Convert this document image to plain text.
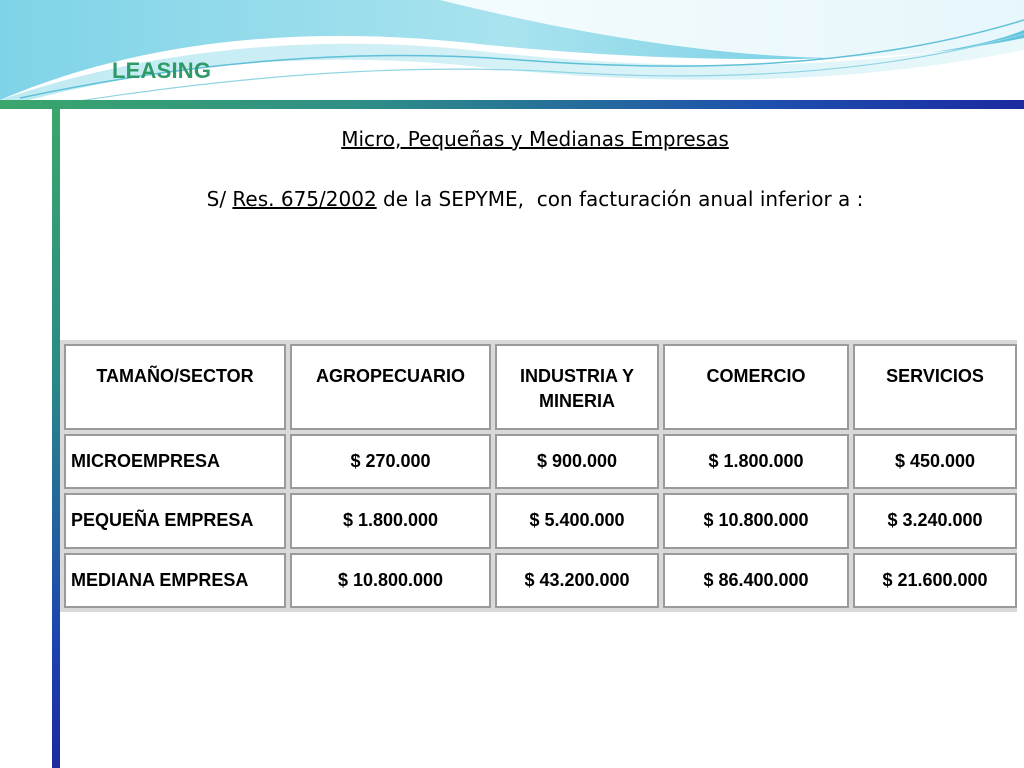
LEASING
Micro, Pequeñas y Medianas Empresas
S/ Res. 675/2002 de la SEPYME,  con facturación anual inferior a :
TAMAÑO/SECTOR	AGROPECUARIO	INDUSTRIA Y MINERIA	COMERCIO	SERVICIOS
MICROEMPRESA	$ 270.000	$ 900.000	$ 1.800.000	$ 450.000
PEQUEÑA EMPRESA	$ 1.800.000	$ 5.400.000	$ 10.800.000	$ 3.240.000
MEDIANA EMPRESA	$ 10.800.000	$ 43.200.000	$ 86.400.000	$ 21.600.000
